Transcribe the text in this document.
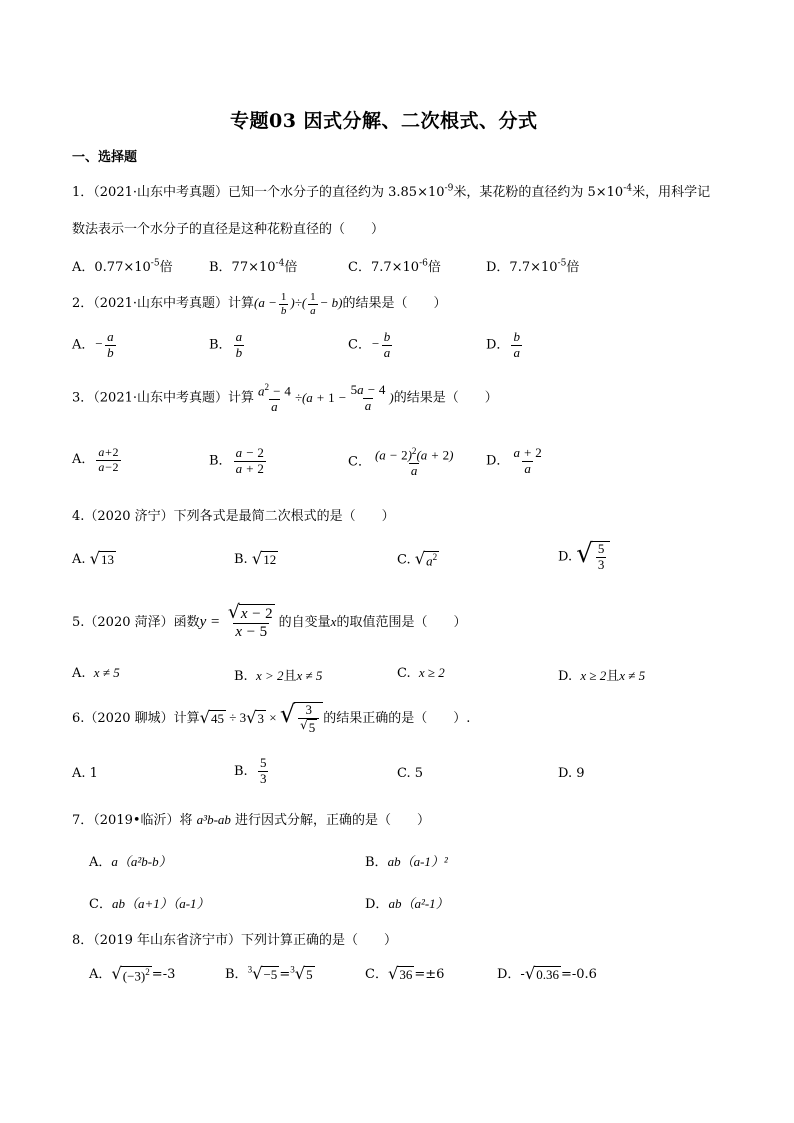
专题03 因式分解、二次根式、分式
一、选择题
1．（2021·山东中考真题）已知一个水分子的直径约为 $3.85\times 10^{-9}$米，某花粉的直径约为 $5\times 10^{-4}$米，用科学记
数法表示一个水分子的直径是这种花粉直径的（　　）
A．$0.77\times 10^{-5}$倍	B．$77\times 10^{-4}$倍	C．$7.7\times 10^{-6}$倍	D．$7.7\times 10^{-5}$倍
2．（2021·山东中考真题）计算($a - \frac{1}{b}$ )÷( $\frac{1}{a} - b$)的结果是（　　）
A．− $\frac{a}{b}$	B． $\frac{a}{b}$	C．− $\frac{b}{a}$	D． $\frac{b}{a}$
3．（2021·山东中考真题）计算 $\frac{a^2 - 4}{a} \div(a + 1 - \frac{5a - 4}{a}$ )的结果是（　　）
A． $\frac{a+2}{a-2}$	B． $\frac{a - 2}{a + 2}$	C． $\frac{(a - 2)^2(a + 2)}{a}$ D． $\frac{a + 2}{a}$
4.（2020 济宁）下列各式是最简二次根式的是（　　）
A. √ 13	B. √ 12	C. √ $a^2$	D. √ $\frac{5}{3}$
5.（2020 菏泽）函数$y = \frac{√ x - 2}{x - 5}$ 的自变量x的取值范围是（　　）
A. x ≠ 5	B. x > 2且x ≠ 5	C. x ≥ 2	D. x ≥ 2且x ≠ 5
6.（2020 聊城）计算 √ 45 ÷ 3 √ 3 × √ $\frac{3}{√ 5}$ 的结果正确的是（　　）.
A. 1	B. $\frac{5}{3}$	C. 5	D. 9
7．（2019•临沂）将 a³b-ab 进行因式分解，正确的是（　　）
A．a（a²b-b）	B．ab（a-1）²
C．ab（a+1）（a-1）	D．ab（a²-1）
8．（2019 年山东省济宁市）下列计算正确的是（　　）
A． √ $(-3)^2 =-3$	B．$^3$ √ −5 =$^3$ √ 5	C． √ 36 =±6	D．- √ 0.36 =-0.6
